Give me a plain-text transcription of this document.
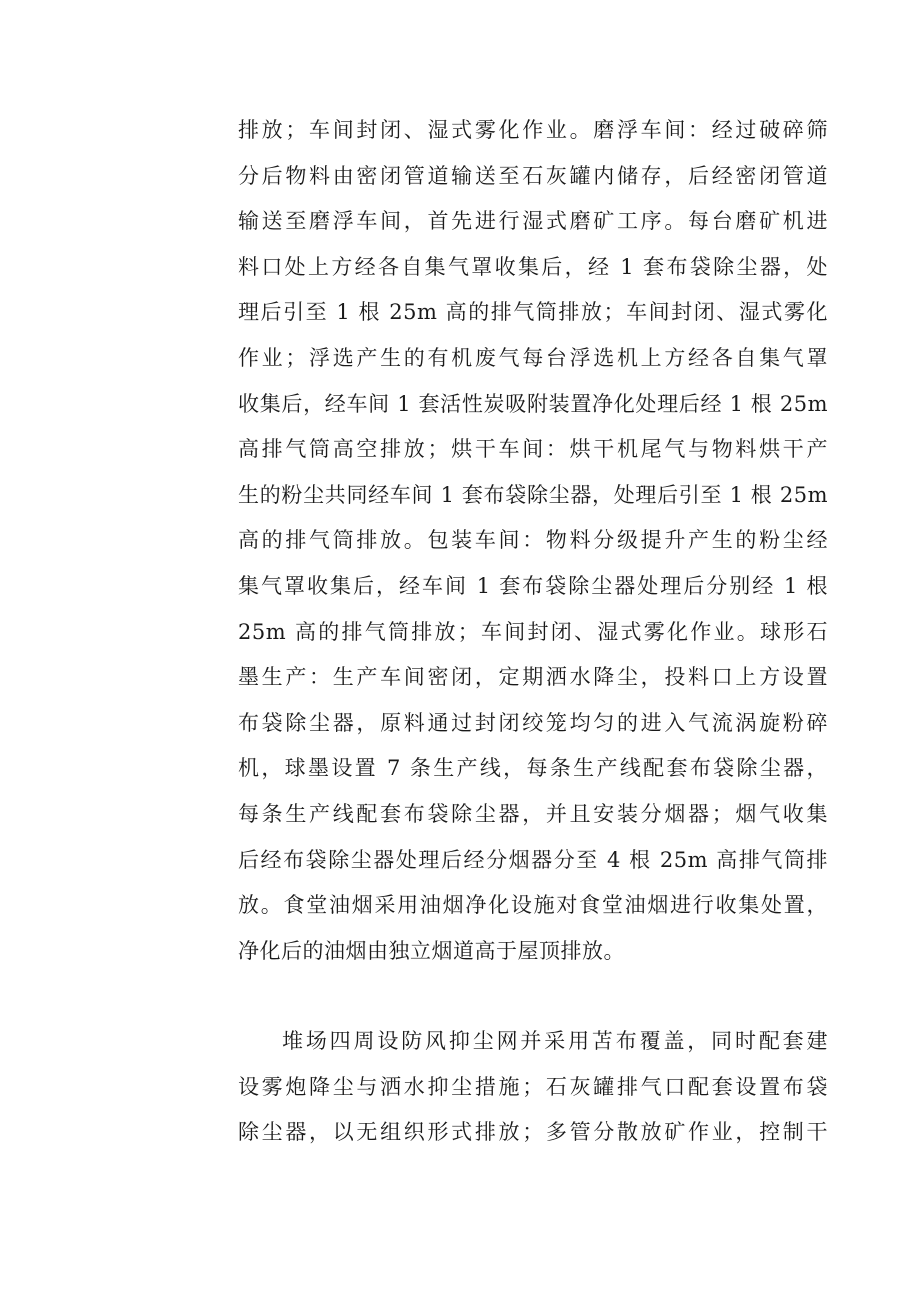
排放；车间封闭、湿式雾化作业。磨浮车间：经过破碎筛
分后物料由密闭管道输送至石灰罐内储存，后经密闭管道
输送至磨浮车间，首先进行湿式磨矿工序。每台磨矿机进
料口处上方经各自集气罩收集后，经 1 套布袋除尘器，处
理后引至 1 根 25m 高的排气筒排放；车间封闭、湿式雾化
作业；浮选产生的有机废气每台浮选机上方经各自集气罩
收集后，经车间 1 套活性炭吸附装置净化处理后经 1 根 25m
高排气筒高空排放；烘干车间：烘干机尾气与物料烘干产
生的粉尘共同经车间 1 套布袋除尘器，处理后引至 1 根 25m
高的排气筒排放。包装车间：物料分级提升产生的粉尘经
集气罩收集后，经车间 1 套布袋除尘器处理后分别经 1 根
25m 高的排气筒排放；车间封闭、湿式雾化作业。球形石
墨生产：生产车间密闭，定期洒水降尘，投料口上方设置
布袋除尘器，原料通过封闭绞笼均匀的进入气流涡旋粉碎
机，球墨设置 7 条生产线，每条生产线配套布袋除尘器，
每条生产线配套布袋除尘器，并且安装分烟器；烟气收集
后经布袋除尘器处理后经分烟器分至 4 根 25m 高排气筒排
放。食堂油烟采用油烟净化设施对食堂油烟进行收集处置，
净化后的油烟由独立烟道高于屋顶排放。
堆场四周设防风抑尘网并采用苫布覆盖，同时配套建
设雾炮降尘与洒水抑尘措施；石灰罐排气口配套设置布袋
除尘器，以无组织形式排放；多管分散放矿作业，控制干
